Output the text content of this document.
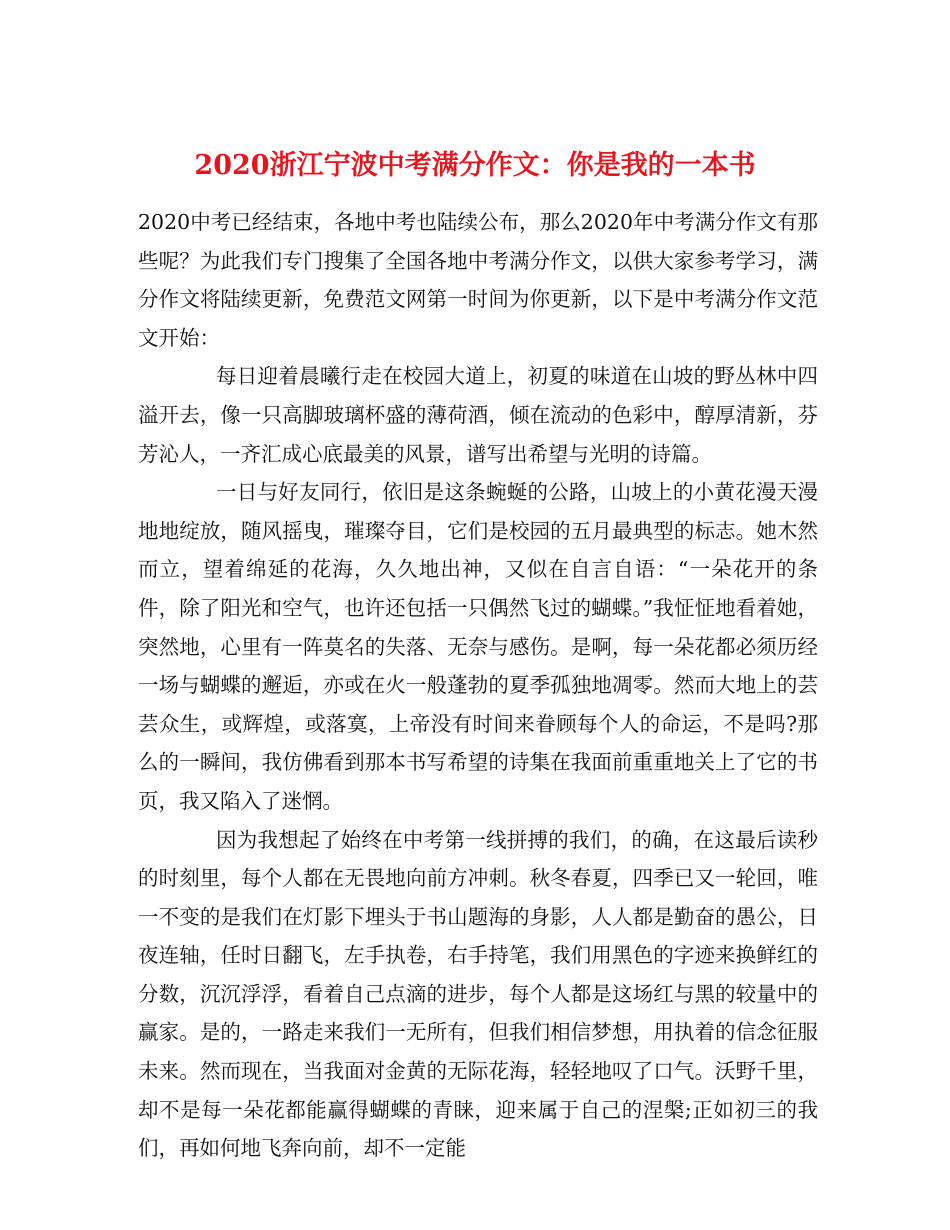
2020浙江宁波中考满分作文：你是我的一本书

2020中考已经结束，各地中考也陆续公布，那么2020年中考满分作文有那些呢？为此我们专门搜集了全国各地中考满分作文，以供大家参考学习，满分作文将陆续更新，免费范文网第一时间为你更新，以下是中考满分作文范文开始：

每日迎着晨曦行走在校园大道上，初夏的味道在山坡的野丛林中四溢开去，像一只高脚玻璃杯盛的薄荷酒，倾在流动的色彩中，醇厚清新，芬芳沁人，一齐汇成心底最美的风景，谱写出希望与光明的诗篇。

一日与好友同行，依旧是这条蜿蜒的公路，山坡上的小黄花漫天漫地地绽放，随风摇曳，璀璨夺目，它们是校园的五月最典型的标志。她木然而立，望着绵延的花海，久久地出神，又似在自言自语：“一朵花开的条件，除了阳光和空气，也许还包括一只偶然飞过的蝴蝶。”我怔怔地看着她，突然地，心里有一阵莫名的失落、无奈与感伤。是啊，每一朵花都必须历经一场与蝴蝶的邂逅，亦或在火一般蓬勃的夏季孤独地凋零。然而大地上的芸芸众生，或辉煌，或落寞，上帝没有时间来眷顾每个人的命运，不是吗?那么的一瞬间，我仿佛看到那本书写希望的诗集在我面前重重地关上了它的书页，我又陷入了迷惘。

因为我想起了始终在中考第一线拼搏的我们，的确，在这最后读秒的时刻里，每个人都在无畏地向前方冲刺。秋冬春夏，四季已又一轮回，唯一不变的是我们在灯影下埋头于书山题海的身影，人人都是勤奋的愚公，日夜连轴，任时日翻飞，左手执卷，右手持笔，我们用黑色的字迹来换鲜红的分数，沉沉浮浮，看着自己点滴的进步，每个人都是这场红与黑的较量中的赢家。是的，一路走来我们一无所有，但我们相信梦想，用执着的信念征服未来。然而现在，当我面对金黄的无际花海，轻轻地叹了口气。沃野千里，却不是每一朵花都能赢得蝴蝶的青睐，迎来属于自己的涅槃;正如初三的我们，再如何地飞奔向前，却不一定能
